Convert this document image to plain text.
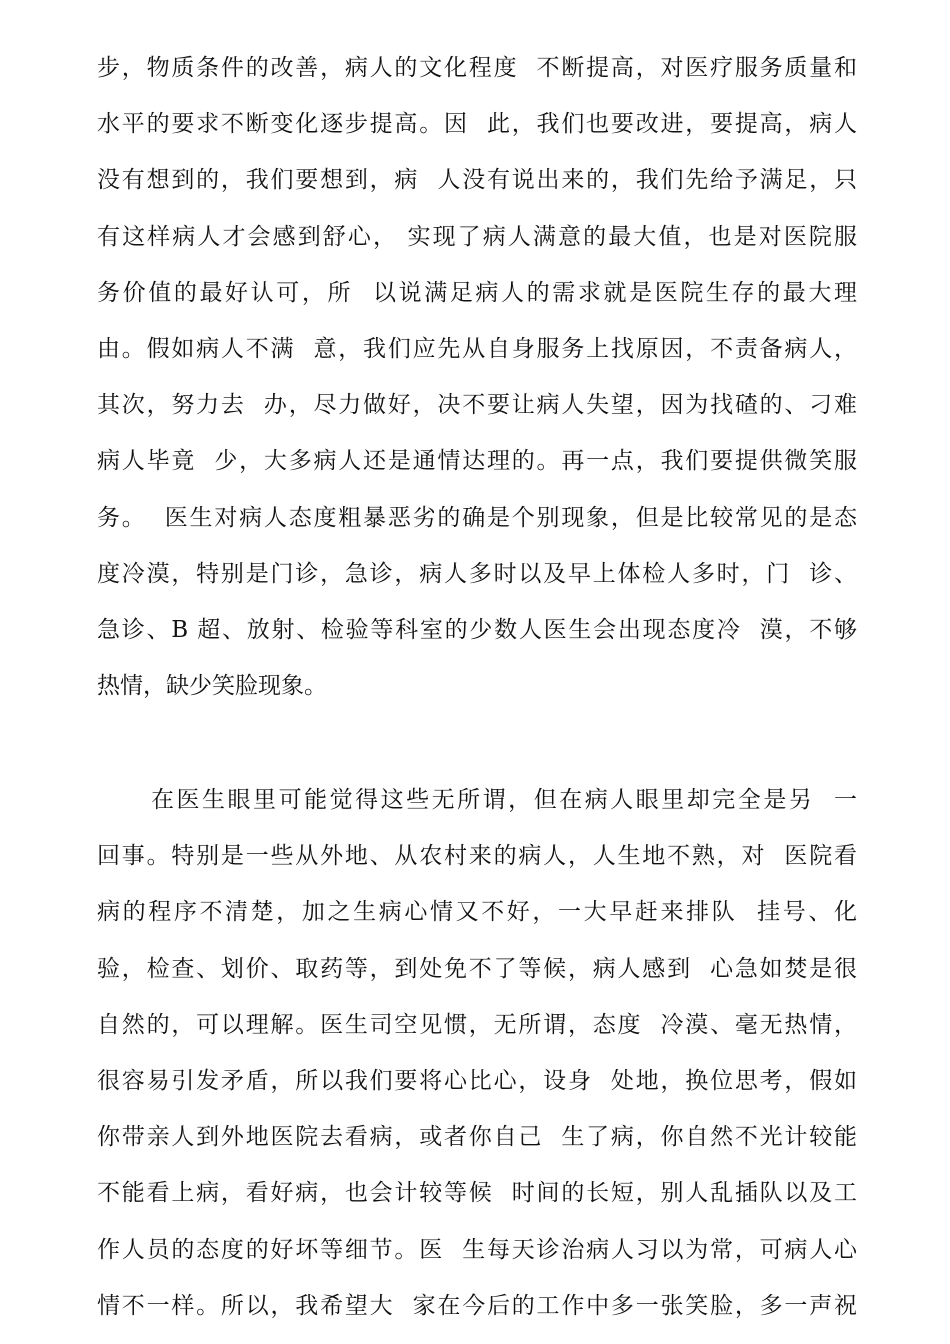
步，物质条件的改善，病人的文化程度  不断提高，对医疗服务质量和
水平的要求不断变化逐步提高。因  此，我们也要改进，要提高，病人
没有想到的，我们要想到，病  人没有说出来的，我们先给予满足，只
有这样病人才会感到舒心， 实现了病人满意的最大值，也是对医院服
务价值的最好认可，所  以说满足病人的需求就是医院生存的最大理
由。假如病人不满  意，我们应先从自身服务上找原因，不责备病人，
其次，努力去  办，尽力做好，决不要让病人失望，因为找碴的、刁难
病人毕竟  少，大多病人还是通情达理的。再一点，我们要提供微笑服
务。  医生对病人态度粗暴恶劣的确是个别现象，但是比较常见的是态
度冷漠，特别是门诊，急诊，病人多时以及早上体检人多时，门  诊、
急诊、B 超、放射、检验等科室的少数人医生会出现态度冷  漠，不够
热情，缺少笑脸现象。
在医生眼里可能觉得这些无所谓，但在病人眼里却完全是另  一
回事。特别是一些从外地、从农村来的病人，人生地不熟，对  医院看
病的程序不清楚，加之生病心情又不好，一大早赶来排队  挂号、化
验，检查、划价、取药等，到处免不了等候，病人感到  心急如焚是很
自然的，可以理解。医生司空见惯，无所谓，态度  冷漠、毫无热情，
很容易引发矛盾，所以我们要将心比心，设身  处地，换位思考，假如
你带亲人到外地医院去看病，或者你自己  生了病，你自然不光计较能
不能看上病，看好病，也会计较等候  时间的长短，别人乱插队以及工
作人员的态度的好坏等细节。医  生每天诊治病人习以为常，可病人心
情不一样。所以，我希望大  家在今后的工作中多一张笑脸，多一声祝
